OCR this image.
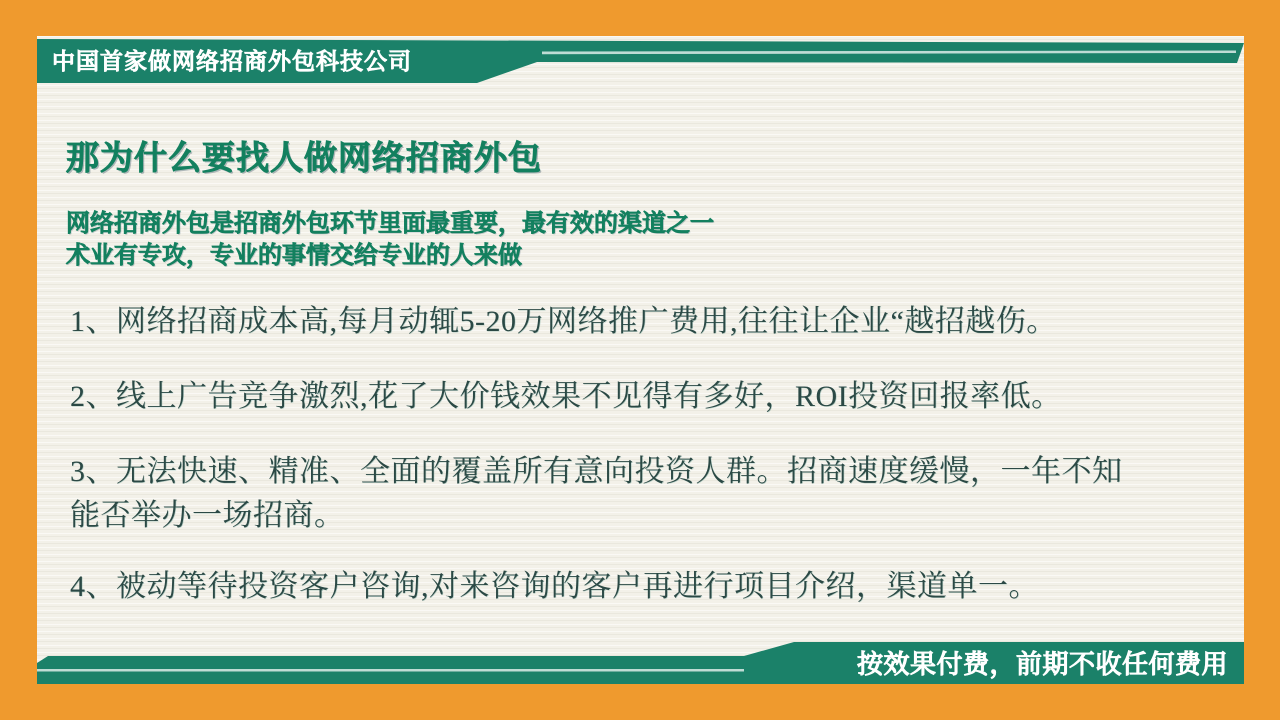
中国首家做网络招商外包科技公司
那为什么要找人做网络招商外包
网络招商外包是招商外包环节里面最重要，最有效的渠道之一
术业有专攻，专业的事情交给专业的人来做
1、网络招商成本高,每月动辄5-20万网络推广费用,往往让企业“越招越伤。
2、线上广告竞争激烈,花了大价钱效果不见得有多好，ROI投资回报率低。
3、无法快速、精准、全面的覆盖所有意向投资人群。招商速度缓慢，一年不知能否举办一场招商。
4、被动等待投资客户咨询,对来咨询的客户再进行项目介绍，渠道单一。
按效果付费，前期不收任何费用
